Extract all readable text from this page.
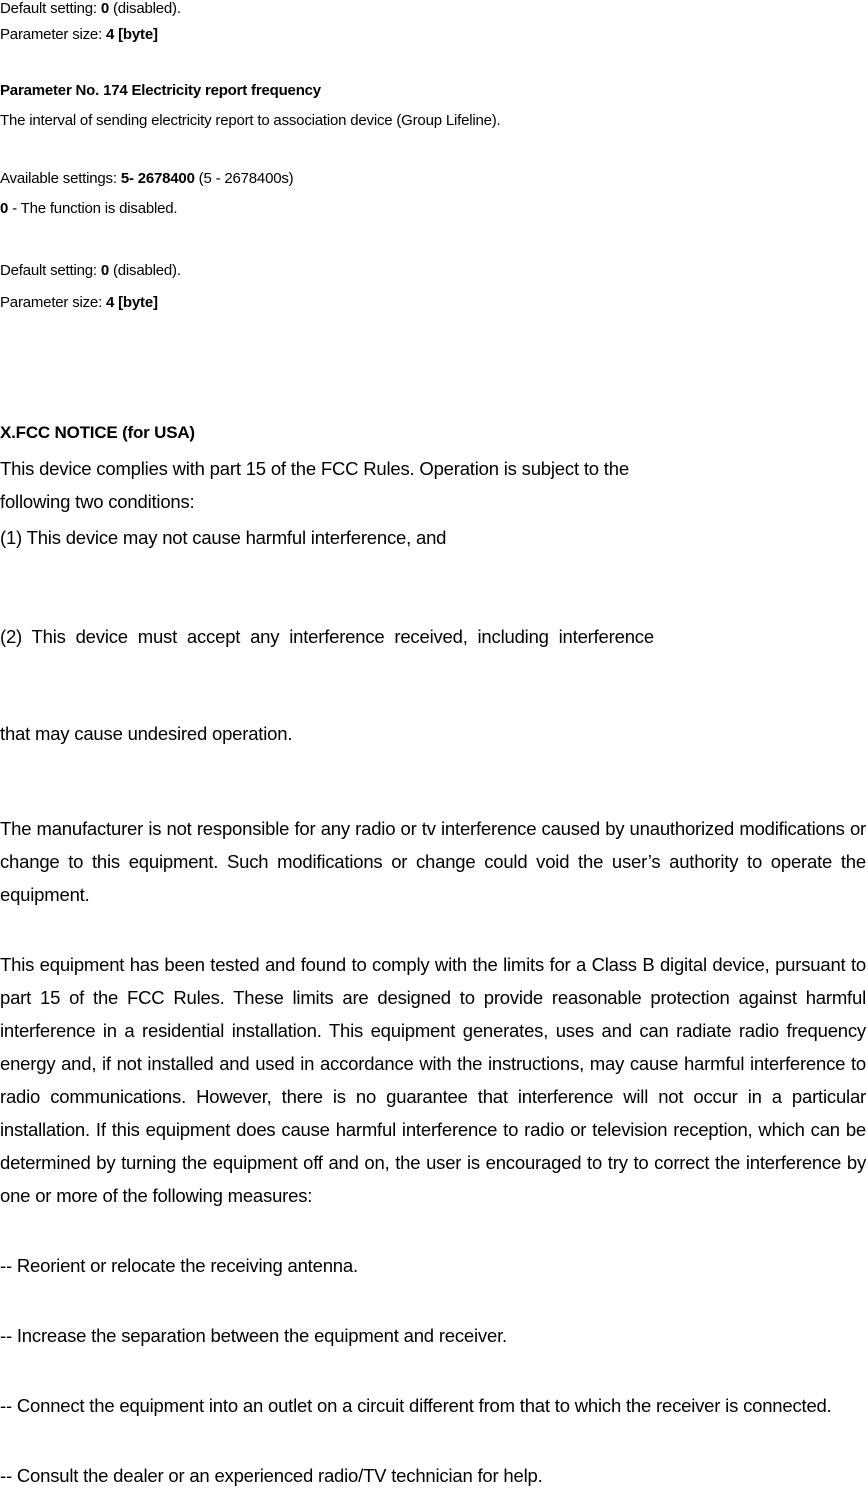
Default setting: 0 (disabled).
Parameter size: 4 [byte]
Parameter No. 174 Electricity report frequency
The interval of sending electricity report to association device (Group Lifeline).
Available settings: 5- 2678400 (5 - 2678400s)
0 - The function is disabled.
Default setting: 0 (disabled).
Parameter size: 4 [byte]
X.FCC NOTICE (for USA)
This device complies with part 15 of the FCC Rules. Operation is subject to the
following two conditions:
(1) This device may not cause harmful interference, and

(2)  This  device  must  accept  any  interference  received,  including  interference

that may cause undesired operation.

The manufacturer is not responsible for any radio or tv interference caused by unauthorized modifications or change to this equipment. Such modifications or change could void the user’s authority to operate the equipment.

This equipment has been tested and found to comply with the limits for a Class B digital device, pursuant to part 15 of the FCC Rules. These limits are designed to provide reasonable protection against harmful interference in a residential installation. This equipment generates, uses and can radiate radio frequency energy and, if not installed and used in accordance with the instructions, may cause harmful interference to radio communications. However, there is no guarantee that interference will not occur in a particular installation. If this equipment does cause harmful interference to radio or television reception, which can be determined by turning the equipment off and on, the user is encouraged to try to correct the interference by one or more of the following measures:

-- Reorient or relocate the receiving antenna.
-- Increase the separation between the equipment and receiver.
-- Connect the equipment into an outlet on a circuit different from that to which the receiver is connected.
-- Consult the dealer or an experienced radio/TV technician for help.
